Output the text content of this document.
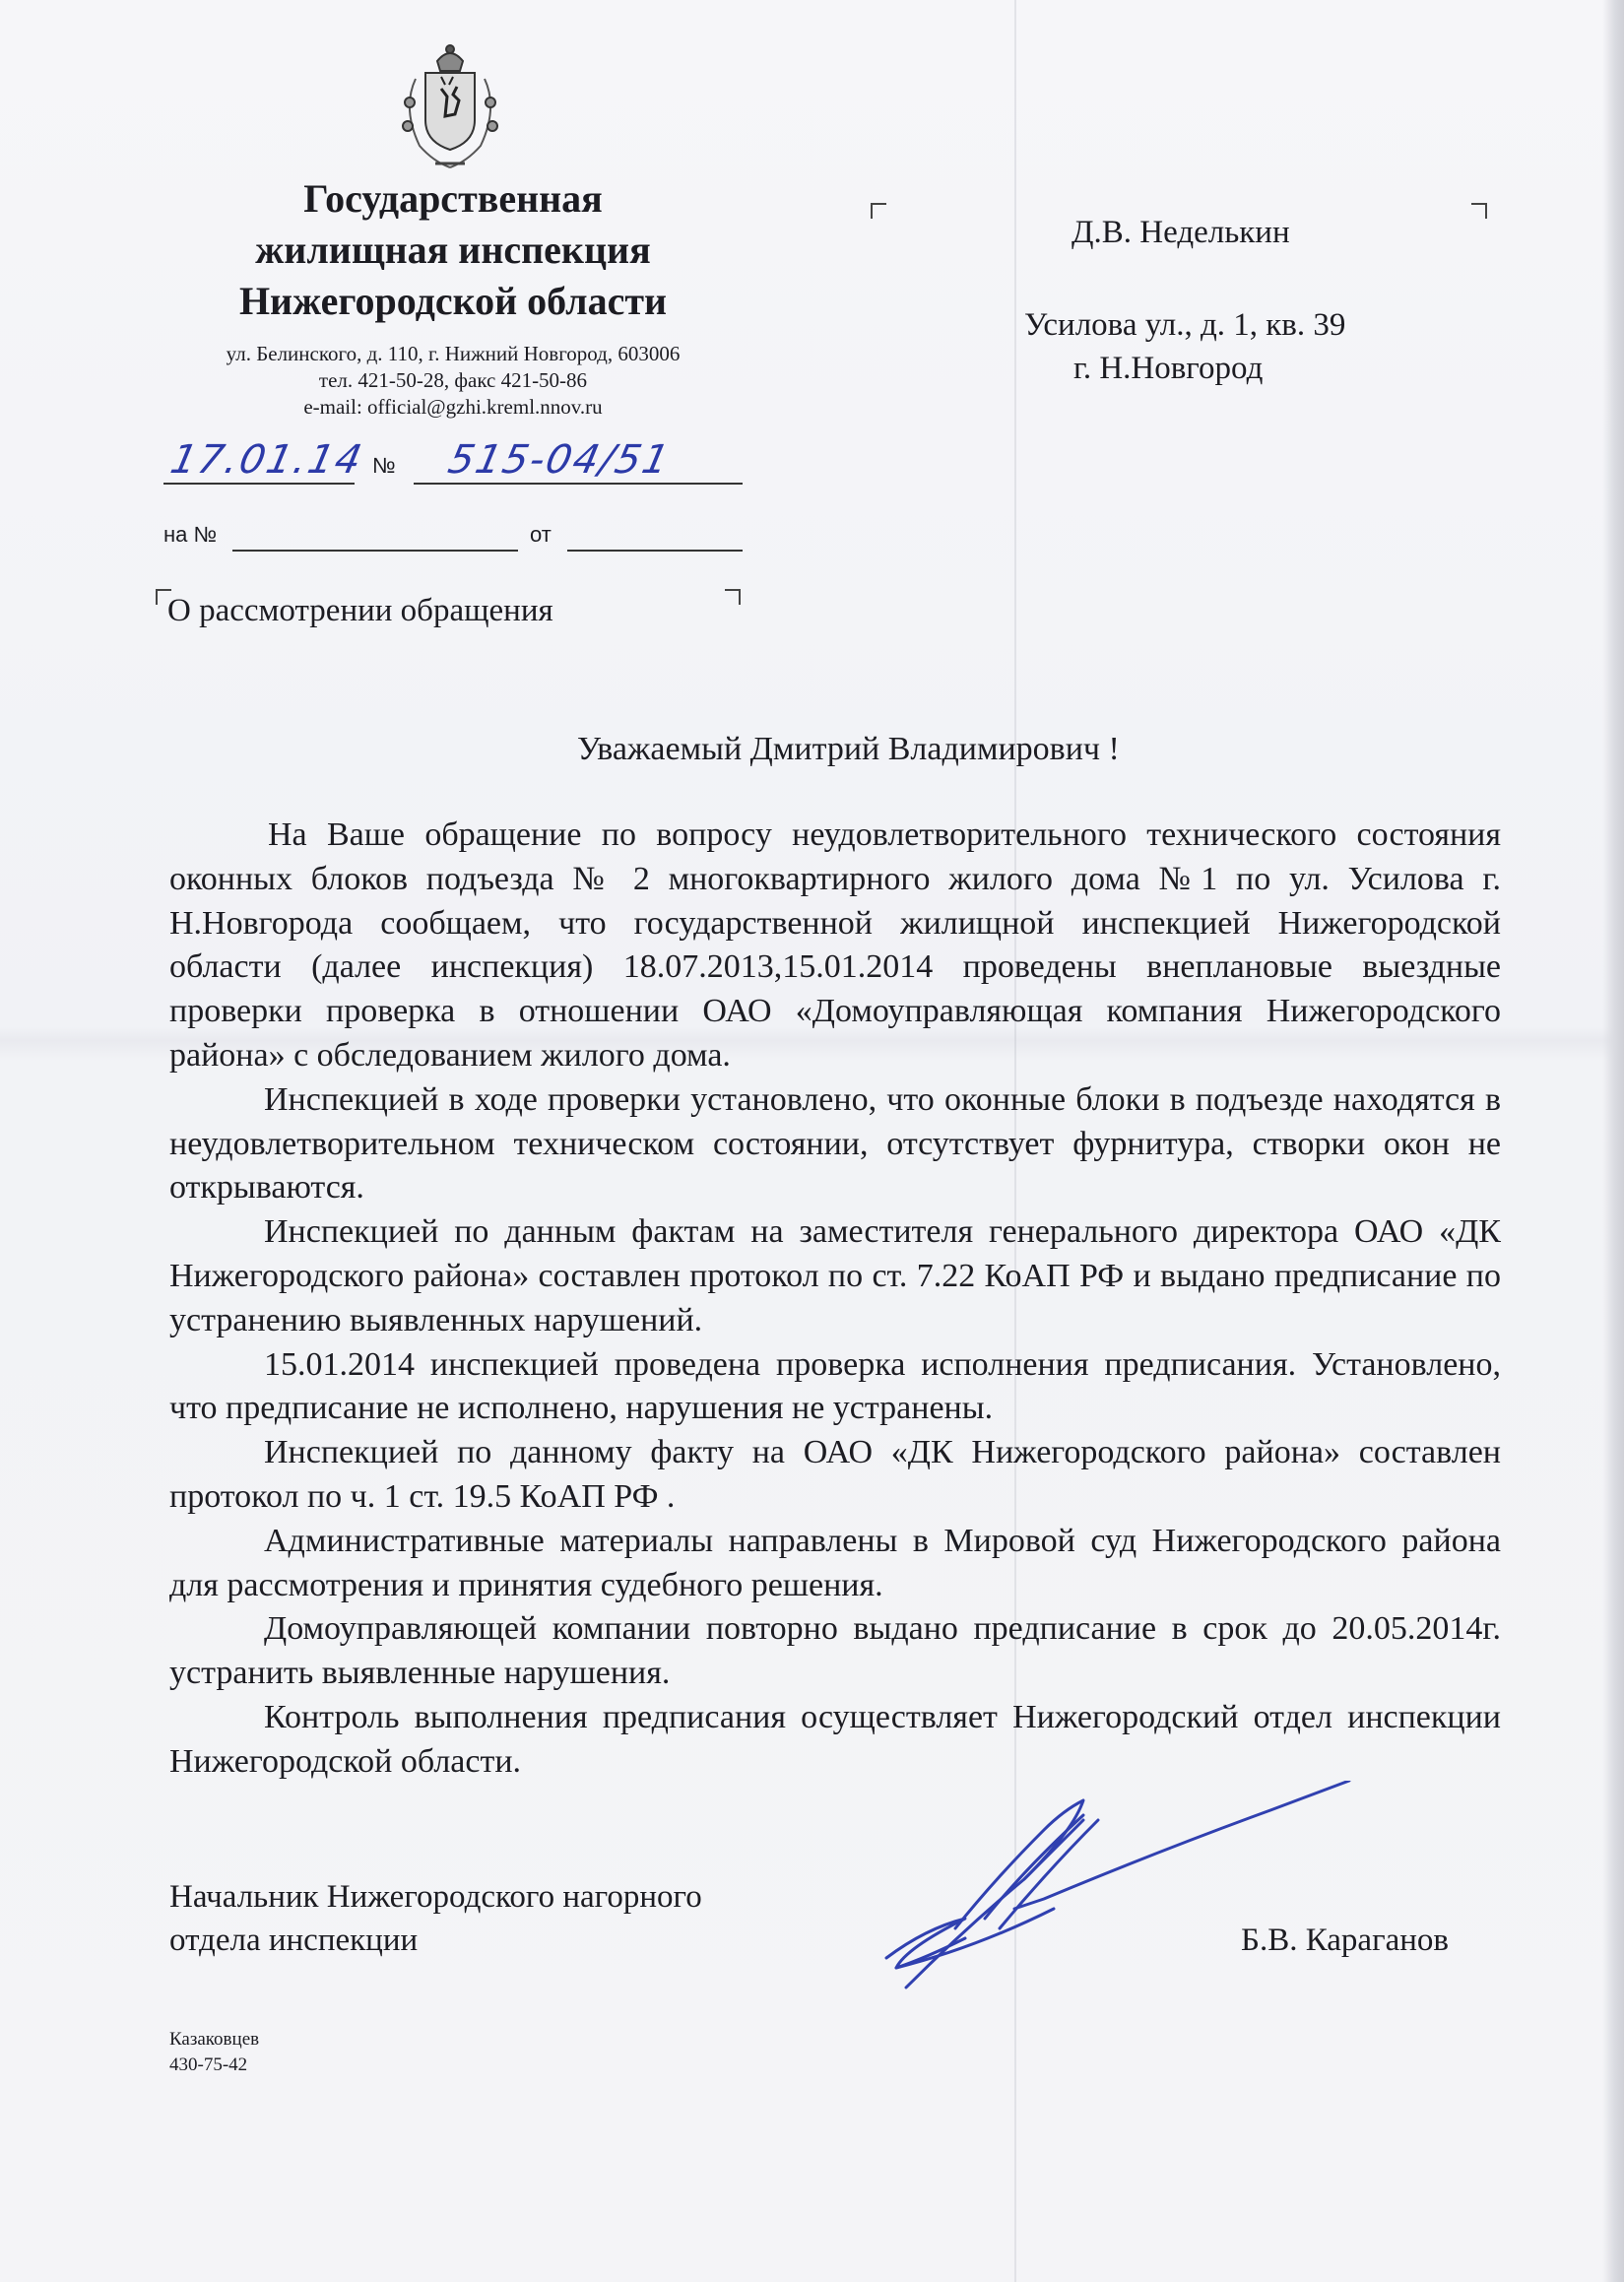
Государственная
жилищная инспекция
Нижегородской области
ул. Белинского, д. 110, г. Нижний Новгород, 603006
тел. 421-50-28, факс 421-50-86
e-mail: official@gzhi.kreml.nnov.ru
17.01.14 № 515-04/51
на №	от
О рассмотрении обращения
Д.В. Неделькин
Усилова ул., д. 1, кв. 39
г. Н.Новгород
Уважаемый Дмитрий Владимирович !

На Ваше обращение по вопросу неудовлетворительного технического состояния оконных блоков подъезда № 2 многоквартирного жилого дома №1 по ул. Усилова г. Н.Новгорода сообщаем, что государственной жилищной инспекцией Нижегородской области (далее инспекция) 18.07.2013,15.01.2014 проведены внеплановые выездные проверки проверка в отношении ОАО «Домоуправляющая компания Нижегородского района» с обследованием жилого дома.

Инспекцией в ходе проверки установлено, что оконные блоки в подъезде находятся в неудовлетворительном техническом состоянии, отсутствует фурнитура, створки окон не открываются.

Инспекцией по данным фактам на заместителя генерального директора ОАО «ДК Нижегородского района» составлен протокол по ст. 7.22 КоАП РФ и выдано предписание по устранению выявленных нарушений.

15.01.2014 инспекцией проведена проверка исполнения предписания. Установлено, что предписание не исполнено, нарушения не устранены.

Инспекцией по данному факту на ОАО «ДК Нижегородского района» составлен протокол по ч. 1 ст. 19.5 КоАП РФ .

Административные материалы направлены в Мировой суд Нижегородского района для рассмотрения и принятия судебного решения.

Домоуправляющей компании повторно выдано предписание в срок до 20.05.2014г. устранить выявленные нарушения.

Контроль выполнения предписания осуществляет Нижегородский отдел инспекции Нижегородской области.

Начальник Нижегородского нагорного
отдела инспекции	Б.В. Караганов
Казаковцев
430-75-42
